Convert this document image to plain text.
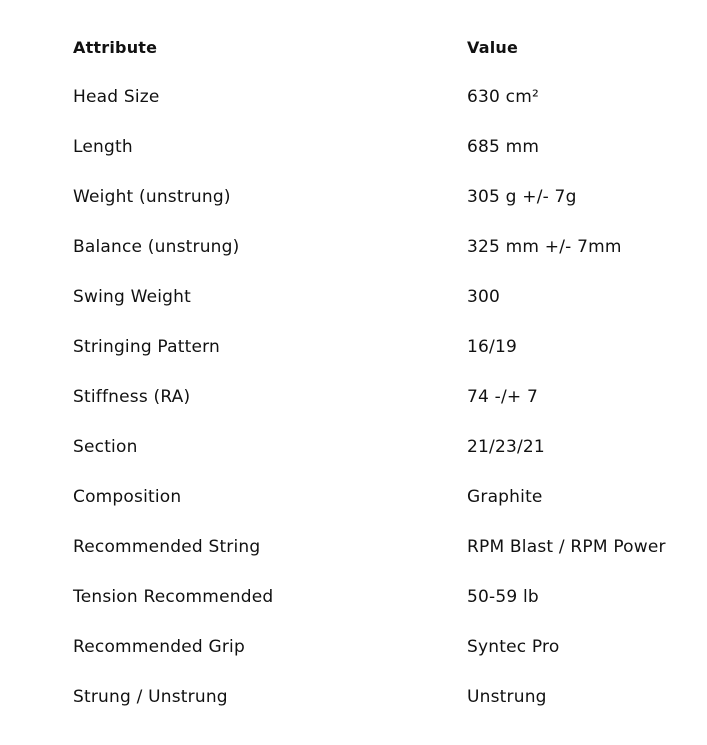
Attribute	Value
Head Size	630 cm²
Length	685 mm
Weight (unstrung)	305 g +/- 7g
Balance (unstrung)	325 mm +/- 7mm
Swing Weight	300
Stringing Pattern	16/19
Stiffness (RA)	74 -/+ 7
Section	21/23/21
Composition	Graphite
Recommended String	RPM Blast / RPM Power
Tension Recommended	50-59 lb
Recommended Grip	Syntec Pro
Strung / Unstrung	Unstrung
